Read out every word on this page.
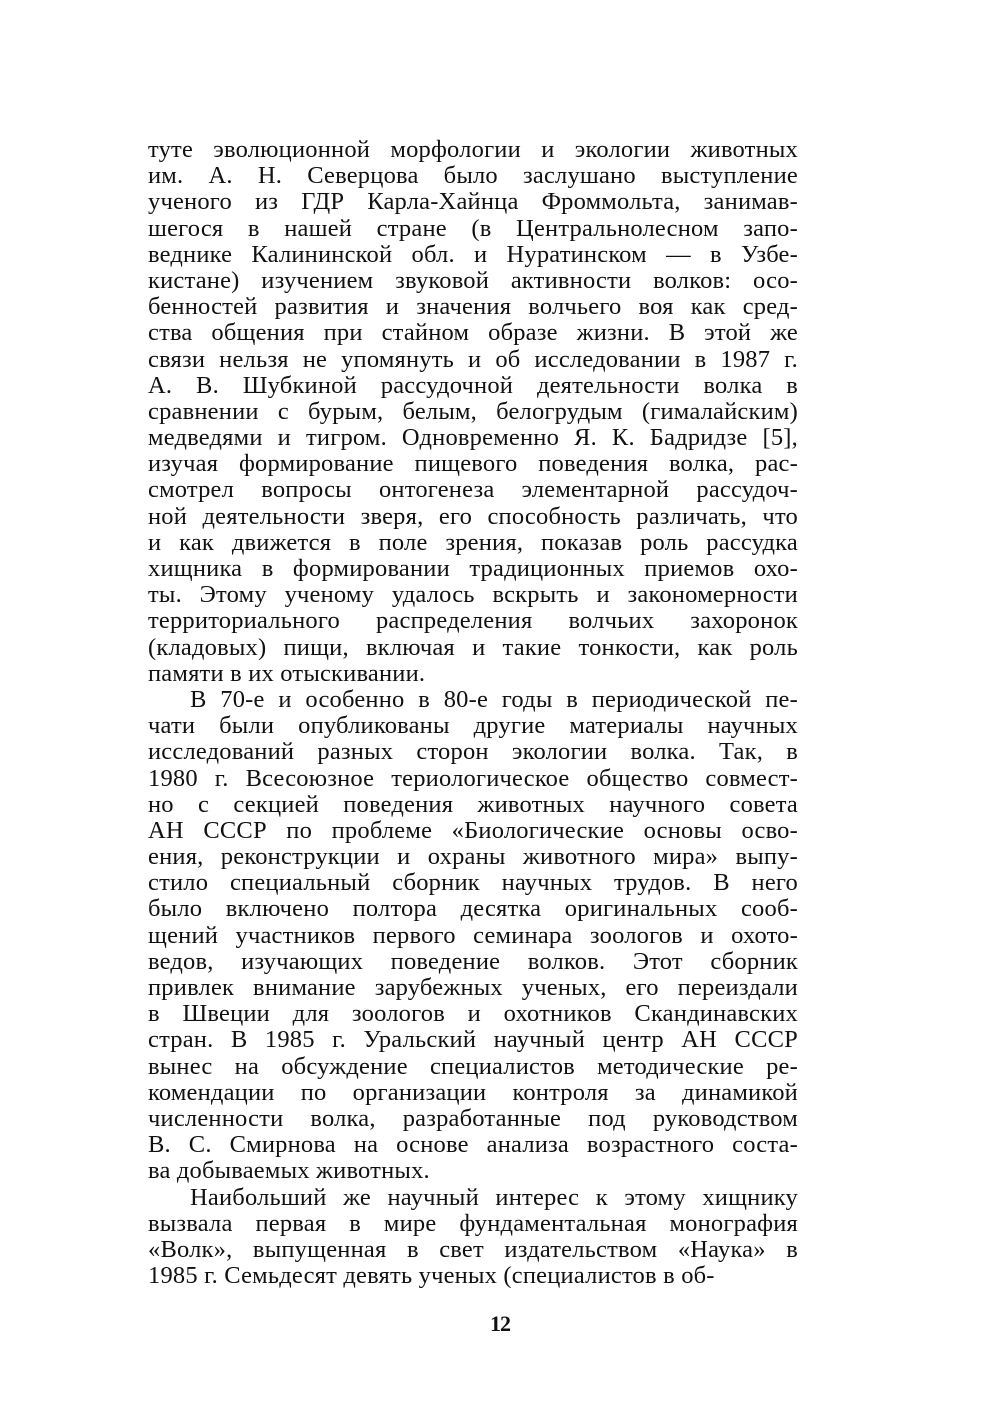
туте эволюционной морфологии и экологии животных
им. А. Н. Северцова было заслушано выступление
ученого из ГДР Карла-Хайнца Фроммольта, занимав-
шегося в нашей стране (в Центральнолесном запо-
веднике Калининской обл. и Нуратинском — в Узбе-
кистане) изучением звуковой активности волков: осо-
бенностей развития и значения волчьего воя как сред-
ства общения при стайном образе жизни. В этой же
связи нельзя не упомянуть и об исследовании в 1987 г.
А. В. Шубкиной рассудочной деятельности волка в
сравнении с бурым, белым, белогрудым (гималайским)
медведями и тигром. Одновременно Я. К. Бадридзе [5],
изучая формирование пищевого поведения волка, рас-
смотрел вопросы онтогенеза элементарной рассудоч-
ной деятельности зверя, его способность различать, что
и как движется в поле зрения, показав роль рассудка
хищника в формировании традиционных приемов охо-
ты. Этому ученому удалось вскрыть и закономерности
территориального распределения волчьих захоронок
(кладовых) пищи, включая и такие тонкости, как роль
памяти в их отыскивании.
В 70-е и особенно в 80-е годы в периодической пе-
чати были опубликованы другие материалы научных
исследований разных сторон экологии волка. Так, в
1980 г. Всесоюзное териологическое общество совмест-
но с секцией поведения животных научного совета
АН СССР по проблеме «Биологические основы осво-
ения, реконструкции и охраны животного мира» выпу-
стило специальный сборник научных трудов. В него
было включено полтора десятка оригинальных сооб-
щений участников первого семинара зоологов и охото-
ведов, изучающих поведение волков. Этот сборник
привлек внимание зарубежных ученых, его переиздали
в Швеции для зоологов и охотников Скандинавских
стран. В 1985 г. Уральский научный центр АН СССР
вынес на обсуждение специалистов методические ре-
комендации по организации контроля за динамикой
численности волка, разработанные под руководством
В. С. Смирнова на основе анализа возрастного соста-
ва добываемых животных.
Наибольший же научный интерес к этому хищнику
вызвала первая в мире фундаментальная монография
«Волк», выпущенная в свет издательством «Наука» в
1985 г. Семьдесят девять ученых (специалистов в об-
12
